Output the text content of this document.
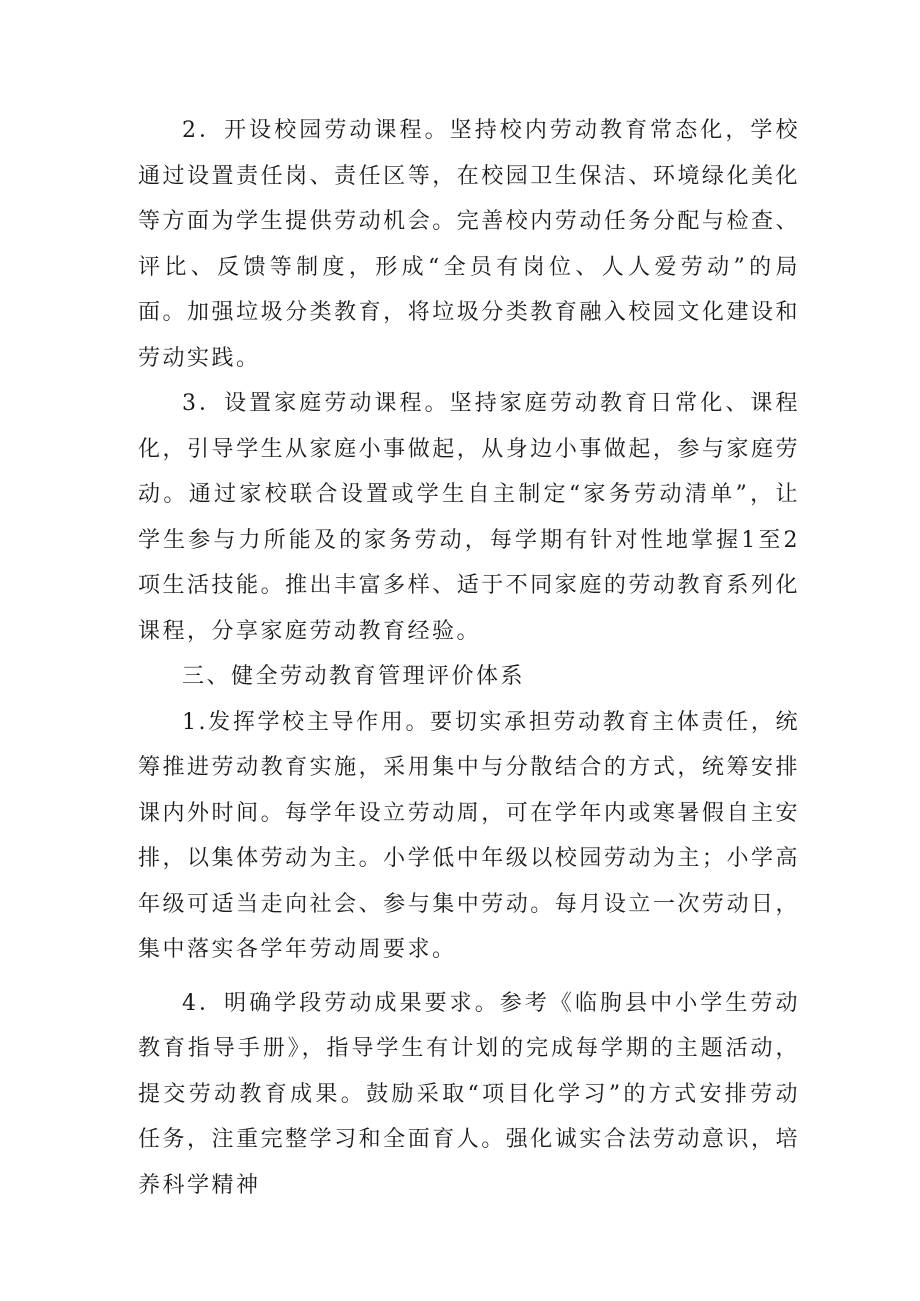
2．开设校园劳动课程。坚持校内劳动教育常态化，学校通过设置责任岗、责任区等，在校园卫生保洁、环境绿化美化等方面为学生提供劳动机会。完善校内劳动任务分配与检查、评比、反馈等制度，形成“全员有岗位、人人爱劳动”的局面。加强垃圾分类教育，将垃圾分类教育融入校园文化建设和劳动实践。

3．设置家庭劳动课程。坚持家庭劳动教育日常化、课程化，引导学生从家庭小事做起，从身边小事做起，参与家庭劳动。通过家校联合设置或学生自主制定“家务劳动清单”，让学生参与力所能及的家务劳动，每学期有针对性地掌握1至2项生活技能。推出丰富多样、适于不同家庭的劳动教育系列化课程，分享家庭劳动教育经验。

三、健全劳动教育管理评价体系

1.发挥学校主导作用。要切实承担劳动教育主体责任，统筹推进劳动教育实施，采用集中与分散结合的方式，统筹安排课内外时间。每学年设立劳动周，可在学年内或寒暑假自主安排，以集体劳动为主。小学低中年级以校园劳动为主；小学高年级可适当走向社会、参与集中劳动。每月设立一次劳动日，集中落实各学年劳动周要求。

4．明确学段劳动成果要求。参考《临朐县中小学生劳动教育指导手册》，指导学生有计划的完成每学期的主题活动，提交劳动教育成果。鼓励采取“项目化学习”的方式安排劳动任务，注重完整学习和全面育人。强化诚实合法劳动意识，培养科学精神
